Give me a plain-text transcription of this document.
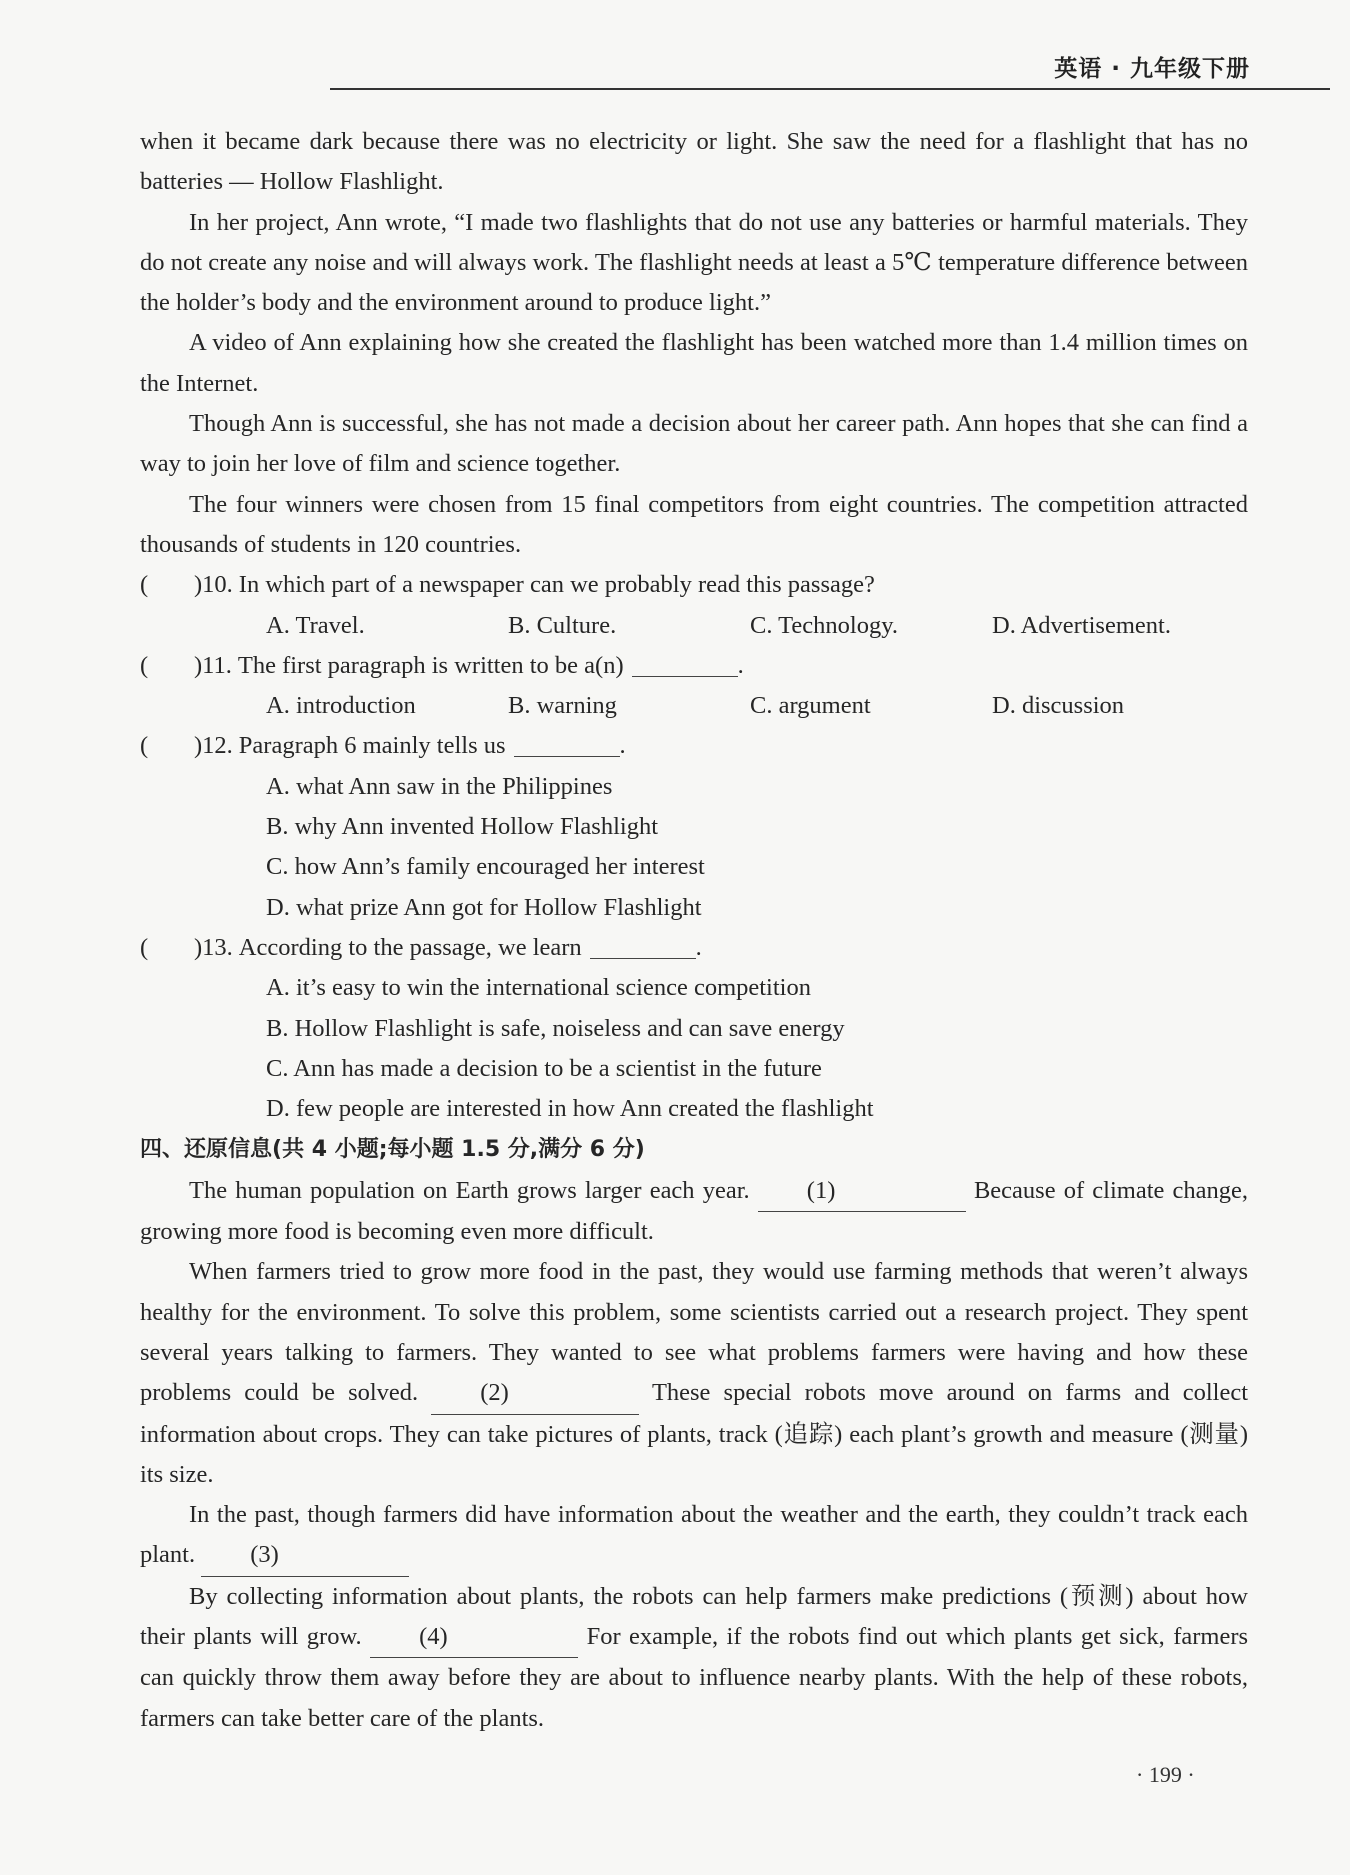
英语 · 九年级下册

when it became dark because there was no electricity or light. She saw the need for a flashlight that has no batteries — Hollow Flashlight.

In her project, Ann wrote, “I made two flashlights that do not use any batteries or harmful materials. They do not create any noise and will always work. The flashlight needs at least a 5℃ temperature difference between the holder’s body and the environment around to produce light.”

A video of Ann explaining how she created the flashlight has been watched more than 1.4 million times on the Internet.

Though Ann is successful, she has not made a decision about her career path. Ann hopes that she can find a way to join her love of film and science together.

The four winners were chosen from 15 final competitors from eight countries. The competition attracted thousands of students in 120 countries.

(	)10. In which part of a newspaper can we probably read this passage?
A. Travel.	B. Culture.	C. Technology.	D. Advertisement.
(	)11. The first paragraph is written to be a(n)	.
A. introduction	B. warning	C. argument	D. discussion
(	)12. Paragraph 6 mainly tells us	.
A. what Ann saw in the Philippines
B. why Ann invented Hollow Flashlight
C. how Ann’s family encouraged her interest
D. what prize Ann got for Hollow Flashlight
(	)13. According to the passage, we learn	.
A. it’s easy to win the international science competition
B. Hollow Flashlight is safe, noiseless and can save energy
C. Ann has made a decision to be a scientist in the future
D. few people are interested in how Ann created the flashlight
四、还原信息(共 4 小题;每小题 1.5 分,满分 6 分)

The human population on Earth grows larger each year. (1)	Because of climate change, growing more food is becoming even more difficult.

When farmers tried to grow more food in the past, they would use farming methods that weren’t always healthy for the environment. To solve this problem, some scientists carried out a research project. They spent several years talking to farmers. They wanted to see what problems farmers were having and how these problems could be solved.	(2)	These special robots move around on farms and collect information about crops. They can take pictures of plants, track (追踪) each plant’s growth and measure (测量) its size.

In the past, though farmers did have information about the weather and the earth, they couldn’t track each plant. (3)

By collecting information about plants, the robots can help farmers make predictions (预测) about how their plants will grow. (4)	For example, if the robots find out which plants get sick, farmers can quickly throw them away before they are about to influence nearby plants. With the help of these robots, farmers can take better care of the plants.

· 199 ·
